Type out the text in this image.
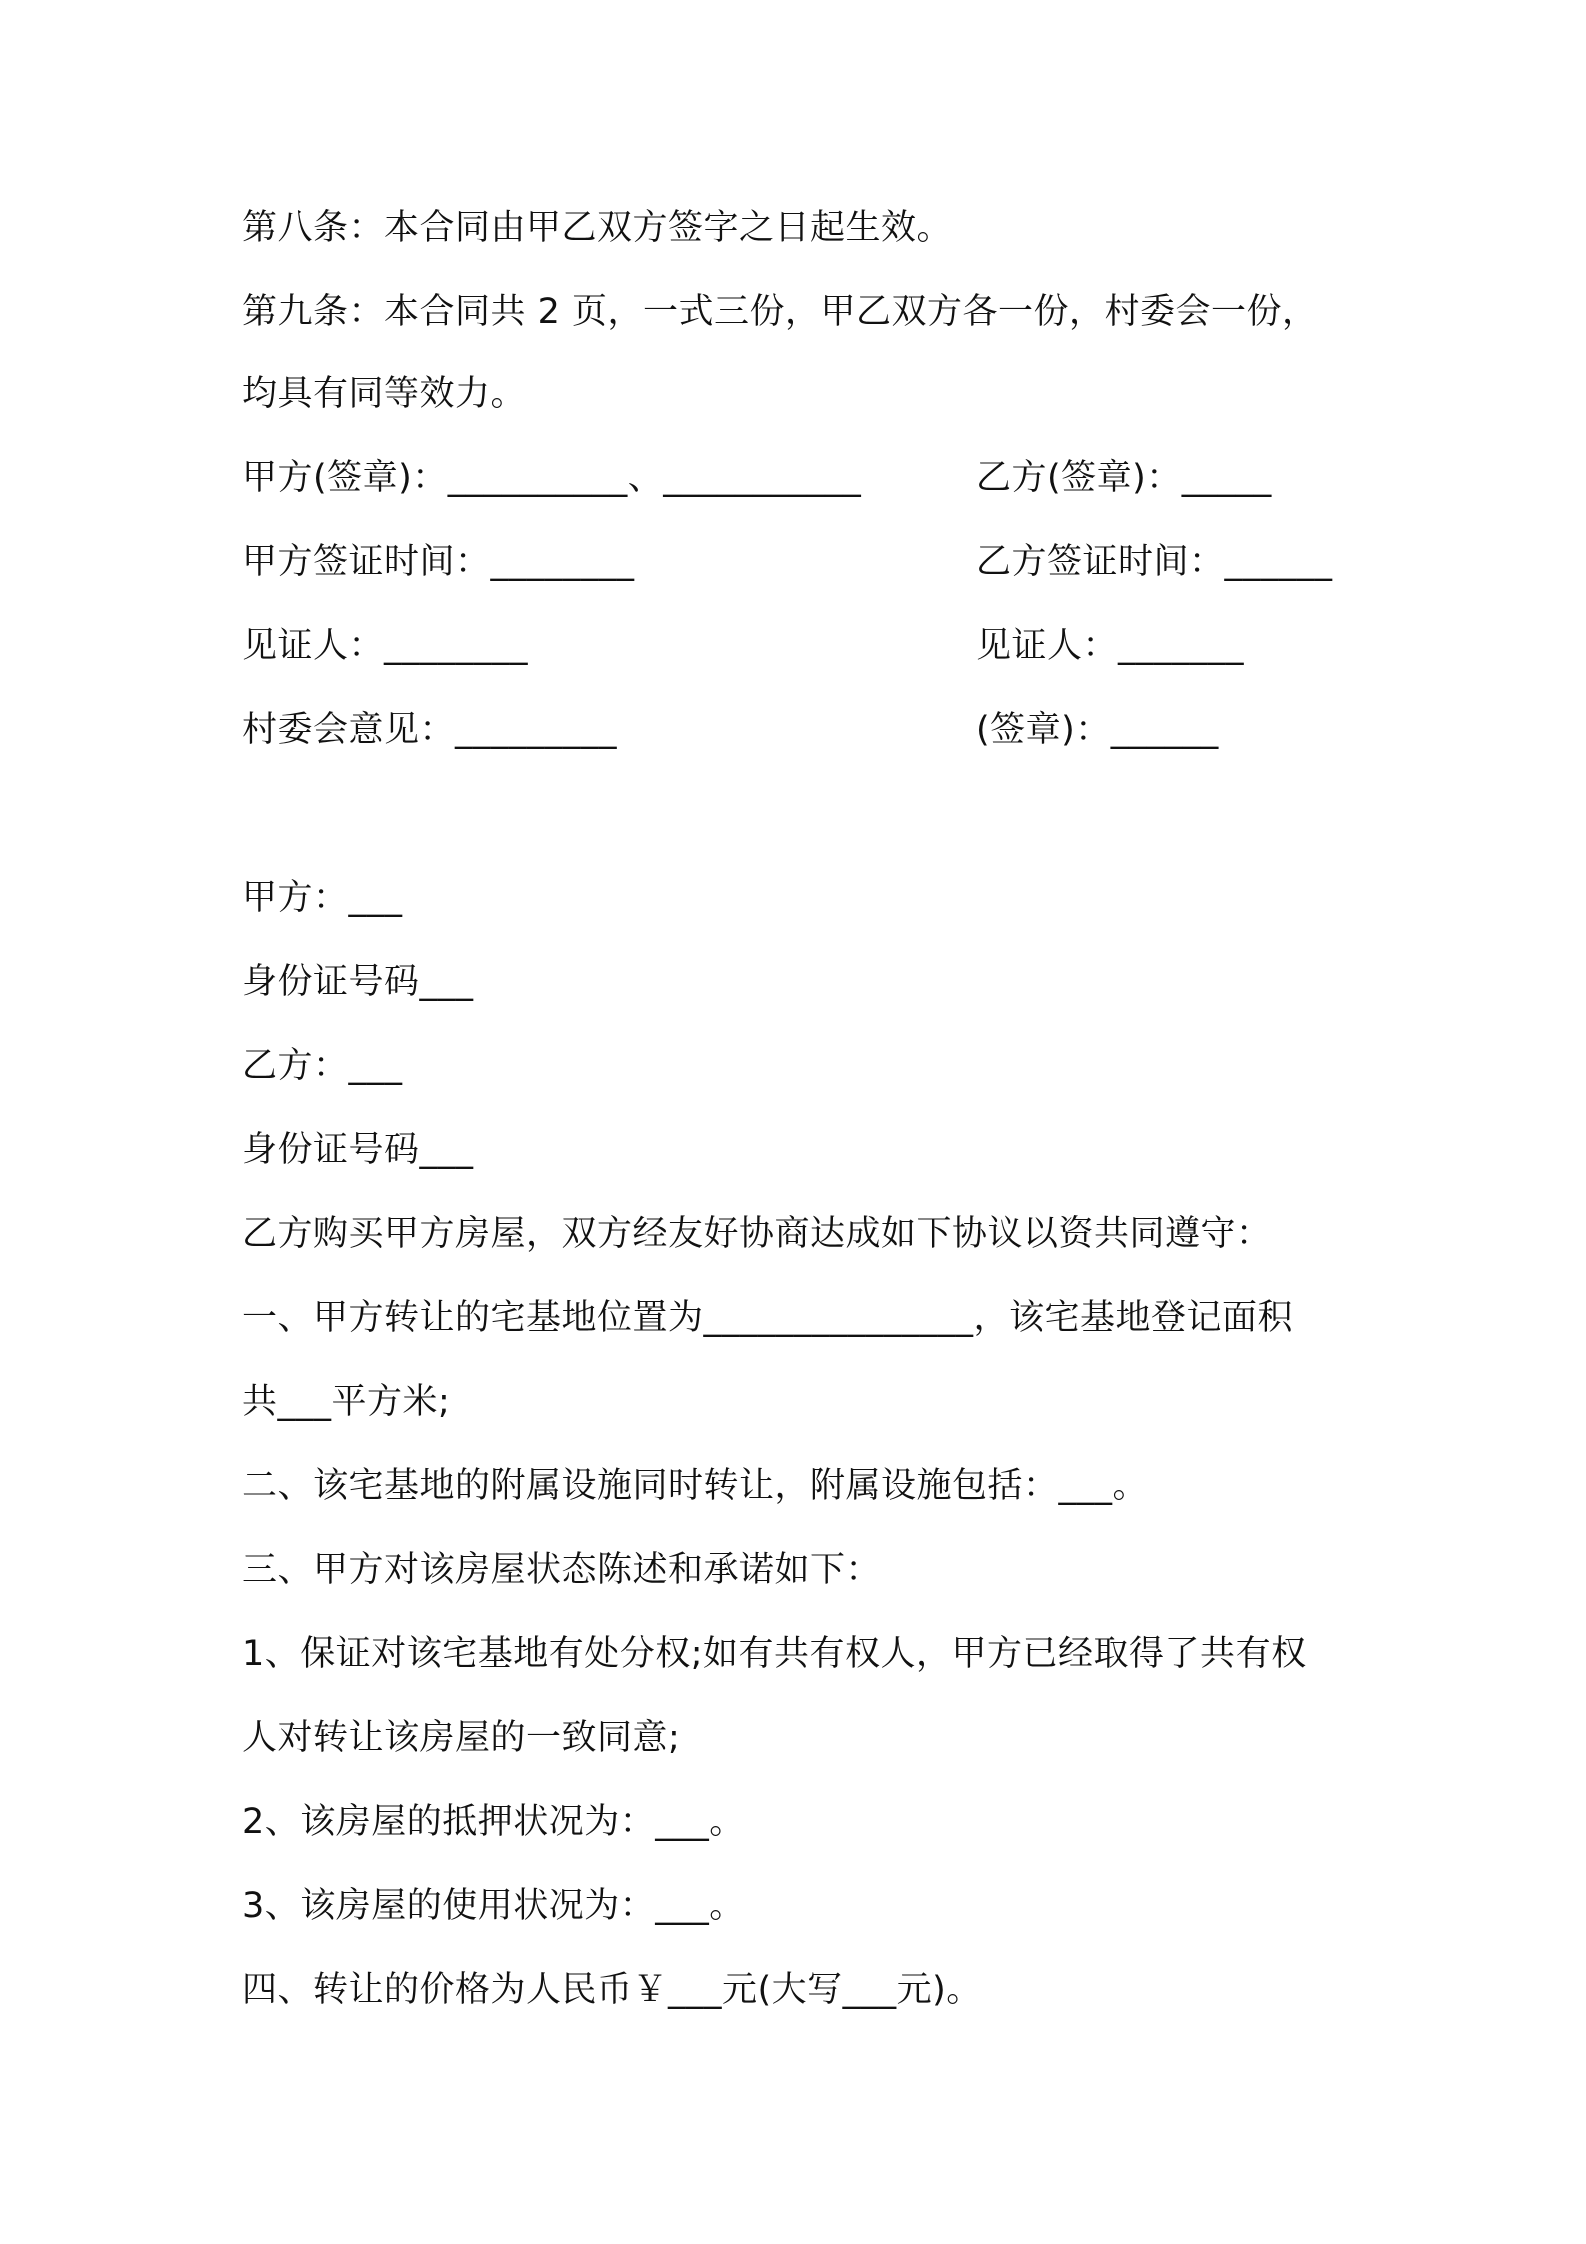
第八条：本合同由甲乙双方签字之日起生效。
第九条：本合同共 2 页，一式三份，甲乙双方各一份，村委会一份，
均具有同等效力。
甲方(签章)：__________、___________	乙方(签章)：_____
甲方签证时间：________	乙方签证时间：______
见证人：________	见证人：_______
村委会意见：_________	(签章)：______
甲方：___
身份证号码___
乙方：___
身份证号码___
乙方购买甲方房屋，双方经友好协商达成如下协议以资共同遵守：
一、甲方转让的宅基地位置为_______________，该宅基地登记面积
共___平方米;
二、该宅基地的附属设施同时转让，附属设施包括：___。
三、甲方对该房屋状态陈述和承诺如下：
1、保证对该宅基地有处分权;如有共有权人，甲方已经取得了共有权
人对转让该房屋的一致同意;
2、该房屋的抵押状况为：___。
3、该房屋的使用状况为：___。
四、转让的价格为人民币￥___元(大写___元)。
